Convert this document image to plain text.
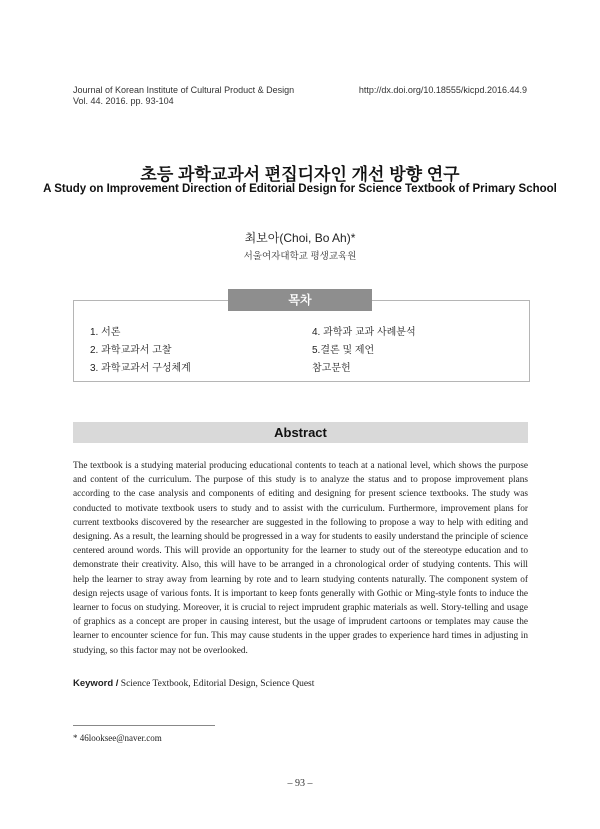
Journal of Korean Institute of Cultural Product & Design
Vol. 44. 2016. pp. 93-104
http://dx.doi.org/10.18555/kicpd.2016.44.9
초등 과학교과서 편집디자인 개선 방향 연구
A Study on Improvement Direction of Editorial Design for Science Textbook of Primary School
최보아(Choi, Bo Ah)*
서울여자대학교 평생교육원
목차
1. 서론
2. 과학교과서 고찰
3. 과학교과서 구성체계
4. 과학과 교과 사례분석
5.결론 및 제언
참고문헌
Abstract
The textbook is a studying material producing educational contents to teach at a national level, which shows the purpose and content of the curriculum. The purpose of this study is to analyze the status and to propose improvement plans according to the case analysis and components of editing and designing for present science textbooks. The study was conducted to motivate textbook users to study and to assist with the curriculum. Furthermore, improvement plans for current textbooks discovered by the researcher are suggested in the following to propose a way to help with editing and designing. As a result, the learning should be progressed in a way for students to easily understand the principle of science centered around words. This will provide an opportunity for the learner to study out of the stereotype education and to demonstrate their creativity. Also, this will have to be arranged in a chronological order of studying contents. This will help the learner to stray away from learning by rote and to learn studying contents naturally. The component system of design rejects usage of various fonts. It is important to keep fonts generally with Gothic or Ming-style fonts to induce the learner to focus on studying. Moreover, it is crucial to reject imprudent graphic materials as well. Story-telling and usage of graphics as a concept are proper in causing interest, but the usage of imprudent cartoons or templates may cause the learner to encounter science for fun. This may cause students in the upper grades to experience hard times in adjusting in studying, so this factor may not be overlooked.
Keyword / Science Textbook, Editorial Design, Science Quest
* 46looksee@naver.com
– 93 –
